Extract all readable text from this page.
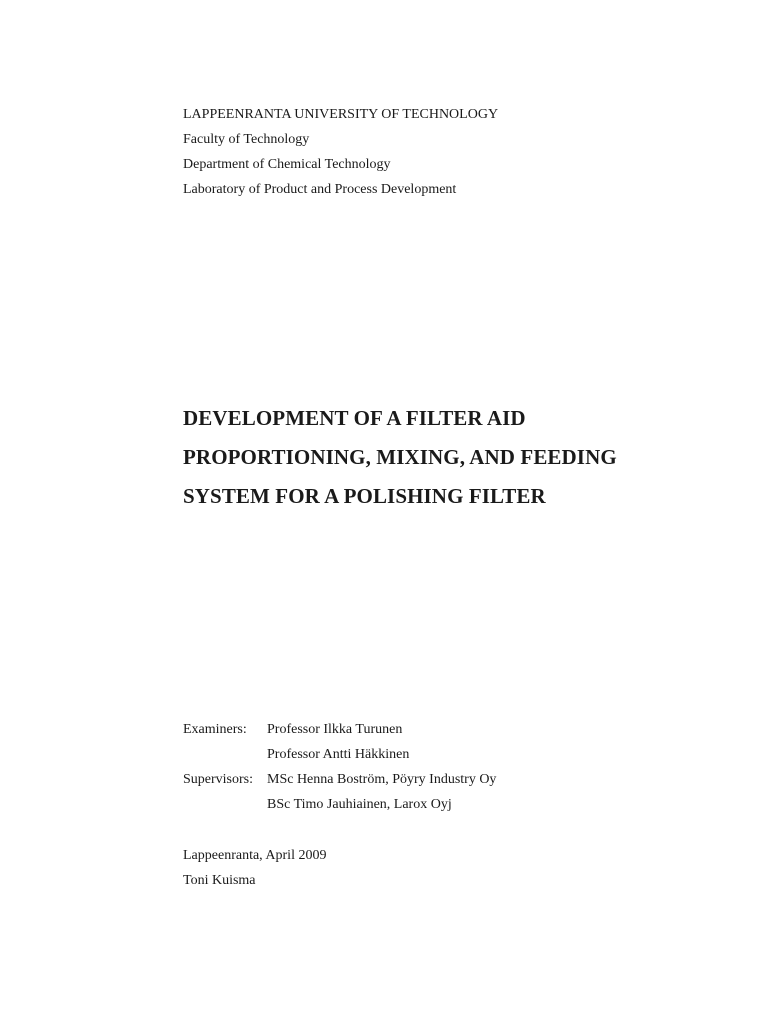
LAPPEENRANTA UNIVERSITY OF TECHNOLOGY
Faculty of Technology
Department of Chemical Technology
Laboratory of Product and Process Development
DEVELOPMENT OF A FILTER AID
PROPORTIONING, MIXING, AND FEEDING
SYSTEM FOR A POLISHING FILTER
Examiners:	Professor Ilkka Turunen
	Professor Antti Häkkinen
Supervisors:	MSc Henna Boström, Pöyry Industry Oy
	BSc Timo Jauhiainen, Larox Oyj
Lappeenranta, April 2009
Toni Kuisma
